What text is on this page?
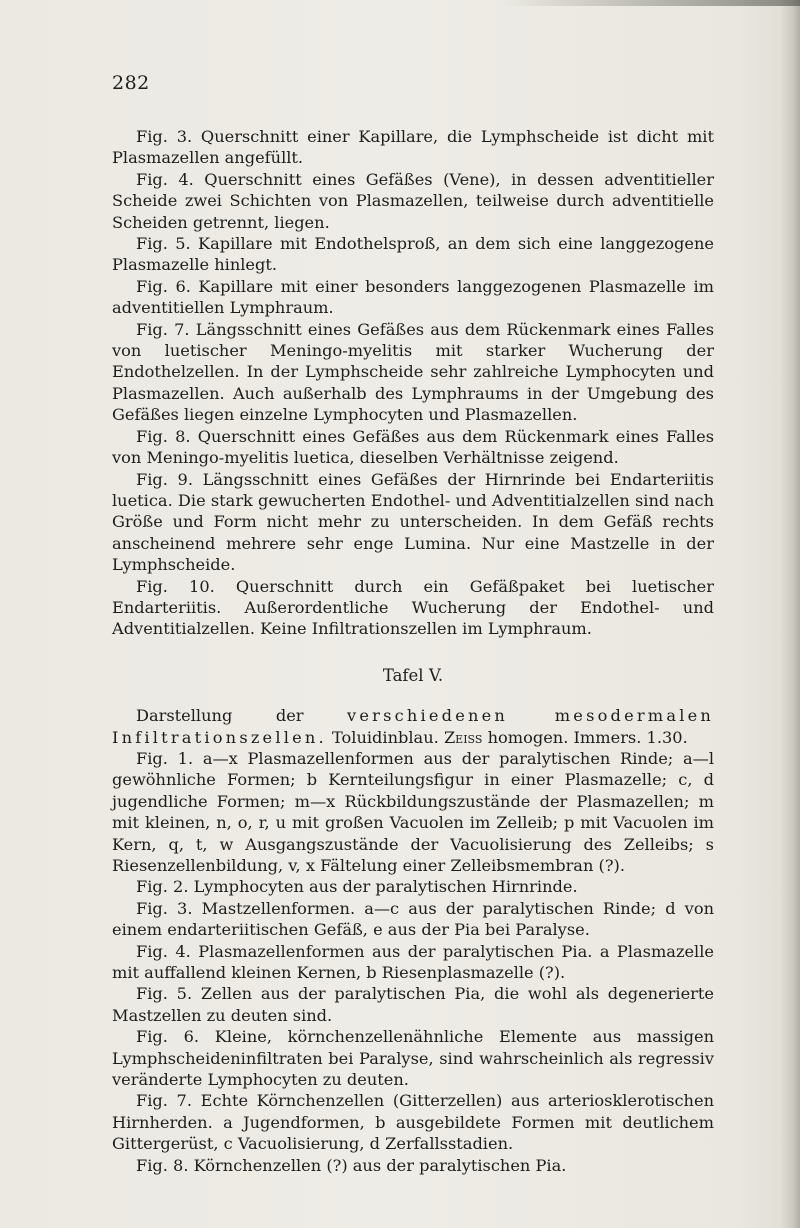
282

Fig. 3. Querschnitt einer Kapillare, die Lymphscheide ist dicht mit Plasmazellen angefüllt.

Fig. 4. Querschnitt eines Gefäßes (Vene), in dessen adventitieller Scheide zwei Schichten von Plasmazellen, teilweise durch adventitielle Scheiden getrennt, liegen.

Fig. 5. Kapillare mit Endothelsproß, an dem sich eine langgezogene Plasmazelle hinlegt.

Fig. 6. Kapillare mit einer besonders langgezogenen Plasmazelle im adventitiellen Lymphraum.

Fig. 7. Längsschnitt eines Gefäßes aus dem Rückenmark eines Falles von luetischer Meningo-myelitis mit starker Wucherung der Endothelzellen. In der Lymphscheide sehr zahlreiche Lymphocyten und Plasmazellen. Auch außerhalb des Lymphraums in der Umgebung des Gefäßes liegen einzelne Lymphocyten und Plasmazellen.

Fig. 8. Querschnitt eines Gefäßes aus dem Rückenmark eines Falles von Meningo-myelitis luetica, dieselben Verhältnisse zeigend.

Fig. 9. Längsschnitt eines Gefäßes der Hirnrinde bei Endarteriitis luetica. Die stark gewucherten Endothel- und Adventitialzellen sind nach Größe und Form nicht mehr zu unterscheiden. In dem Gefäß rechts anscheinend mehrere sehr enge Lumina. Nur eine Mastzelle in der Lymphscheide.

Fig. 10. Querschnitt durch ein Gefäßpaket bei luetischer Endarteriitis. Außerordentliche Wucherung der Endothel- und Adventitialzellen. Keine Infiltrationszellen im Lymphraum.

Tafel V.

Darstellung der	verschiedenen mesodermalen Infiltrationszellen. Toluidinblau. Zeiss homogen. Immers. 1.30.

Fig. 1. a—x Plasmazellenformen aus der paralytischen Rinde; a—l gewöhnliche Formen; b Kernteilungsfigur in einer Plasmazelle; c, d jugendliche Formen; m—x Rückbildungszustände der Plasmazellen; m mit kleinen, n, o, r, u mit großen Vacuolen im Zelleib; p mit Vacuolen im Kern, q, t, w Ausgangszustände der Vacuolisierung des Zelleibs; s Riesenzellenbildung, v, x Fältelung einer Zelleibsmembran (?).

Fig. 2. Lymphocyten aus der paralytischen Hirnrinde.

Fig. 3. Mastzellenformen. a—c aus der paralytischen Rinde; d von einem endarteriitischen Gefäß, e aus der Pia bei Paralyse.

Fig. 4. Plasmazellenformen aus der paralytischen Pia. a Plasmazelle mit auffallend kleinen Kernen, b Riesenplasmazelle (?).

Fig. 5. Zellen aus der paralytischen Pia, die wohl als degenerierte Mastzellen zu deuten sind.

Fig. 6. Kleine, körnchenzellenähnliche Elemente aus massigen Lymphscheideninfiltraten bei Paralyse, sind wahrscheinlich als regressiv veränderte Lymphocyten zu deuten.

Fig. 7. Echte Körnchenzellen (Gitterzellen) aus arteriosklerotischen Hirnherden. a Jugendformen, b ausgebildete Formen mit deutlichem Gittergerüst, c Vacuolisierung, d Zerfallsstadien.

Fig. 8. Körnchenzellen (?) aus der paralytischen Pia.
